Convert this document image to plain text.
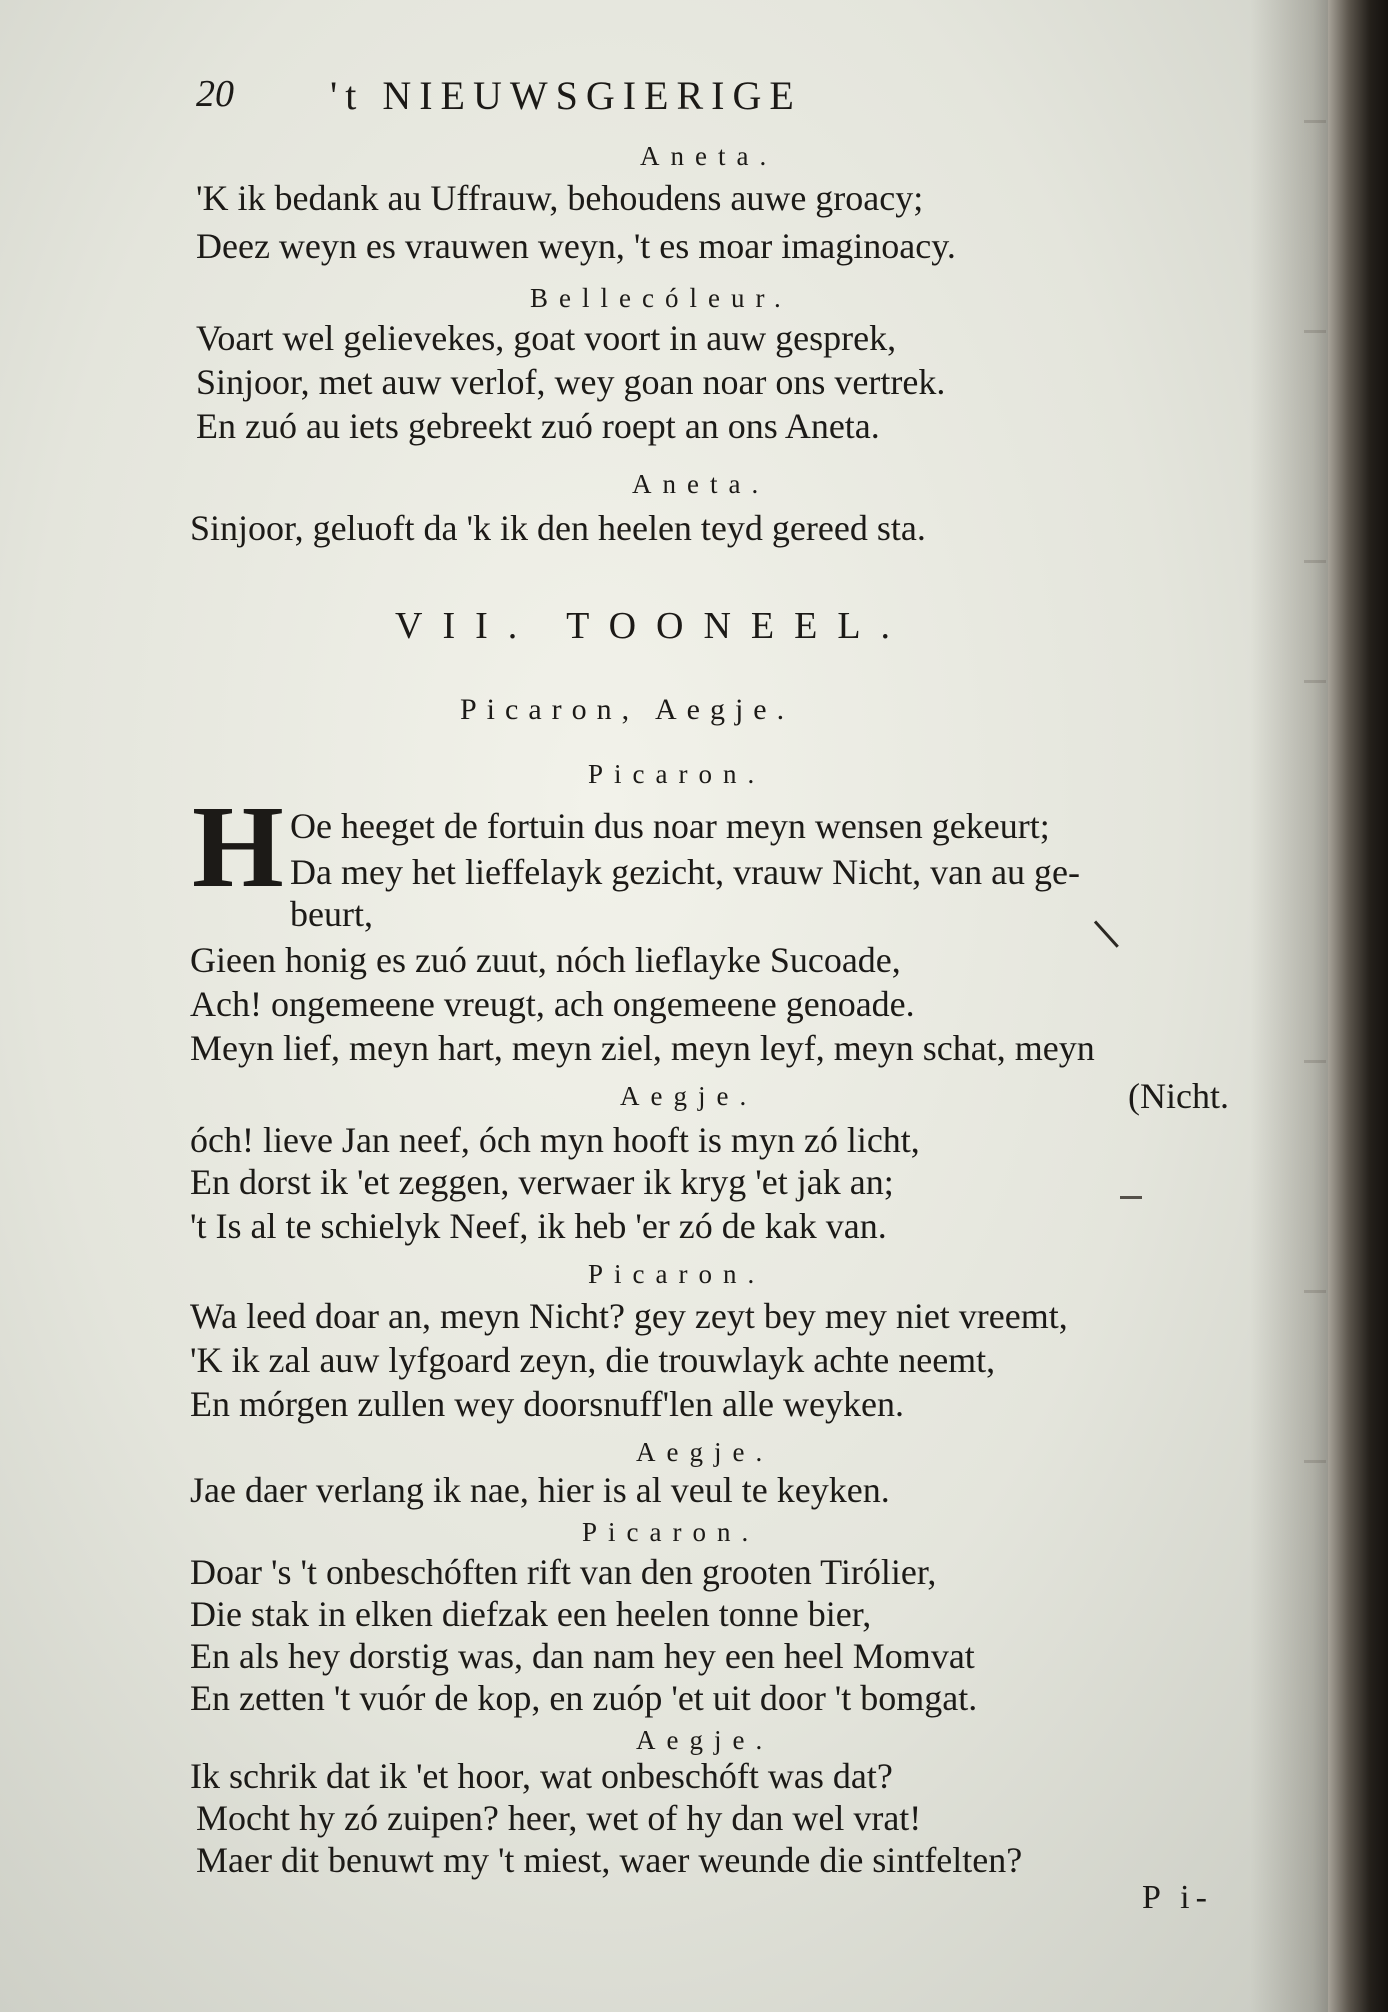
20 't NIEUWSGIERIGE
Aneta.
'K ik bedank au Uffrauw, behoudens auwe groacy;
Deez weyn es vrauwen weyn, 't es moar imaginoacy.
Bellecóleur.
Voart wel gelievekes, goat voort in auw gesprek,
Sinjoor, met auw verlof, wey goan noar ons vertrek.
En zuó au iets gebreekt zuó roept an ons Aneta.
Aneta.
Sinjoor, geluoft da 'k ik den heelen teyd gereed sta.
VII. TOONEEL.
Picaron, Aegje.
Picaron.
H Oe heeget de fortuin dus noar meyn wensen gekeurt;
Da mey het lieffelayk gezicht, vrauw Nicht, van au ge-
beurt,
Gieen honig es zuó zuut, nóch lieflayke Sucoade,
Ach! ongemeene vreugt, ach ongemeene genoade.
Meyn lief, meyn hart, meyn ziel, meyn leyf, meyn schat, meyn
Aegje.	(Nicht.
óch! lieve Jan neef, óch myn hooft is myn zó licht,
En dorst ik 'et zeggen, verwaer ik kryg 'et jak an;
't Is al te schielyk Neef, ik heb 'er zó de kak van.
Picaron.
Wa leed doar an, meyn Nicht? gey zeyt bey mey niet vreemt,
'K ik zal auw lyfgoard zeyn, die trouwlayk achte neemt,
En mórgen zullen wey doorsnuff'len alle weyken.
Aegje.
Jae daer verlang ik nae, hier is al veul te keyken.
Picaron.
Doar 's 't onbeschóften rift van den grooten Tirólier,
Die stak in elken diefzak een heelen tonne bier,
En als hey dorstig was, dan nam hey een heel Momvat
En zetten 't vuór de kop, en zuóp 'et uit door 't bomgat.
Aegje.
Ik schrik dat ik 'et hoor, wat onbeschóft was dat?
Mocht hy zó zuipen? heer, wet of hy dan wel vrat!
Maer dit benuwt my 't miest, waer weunde die sintfelten?
P i-
